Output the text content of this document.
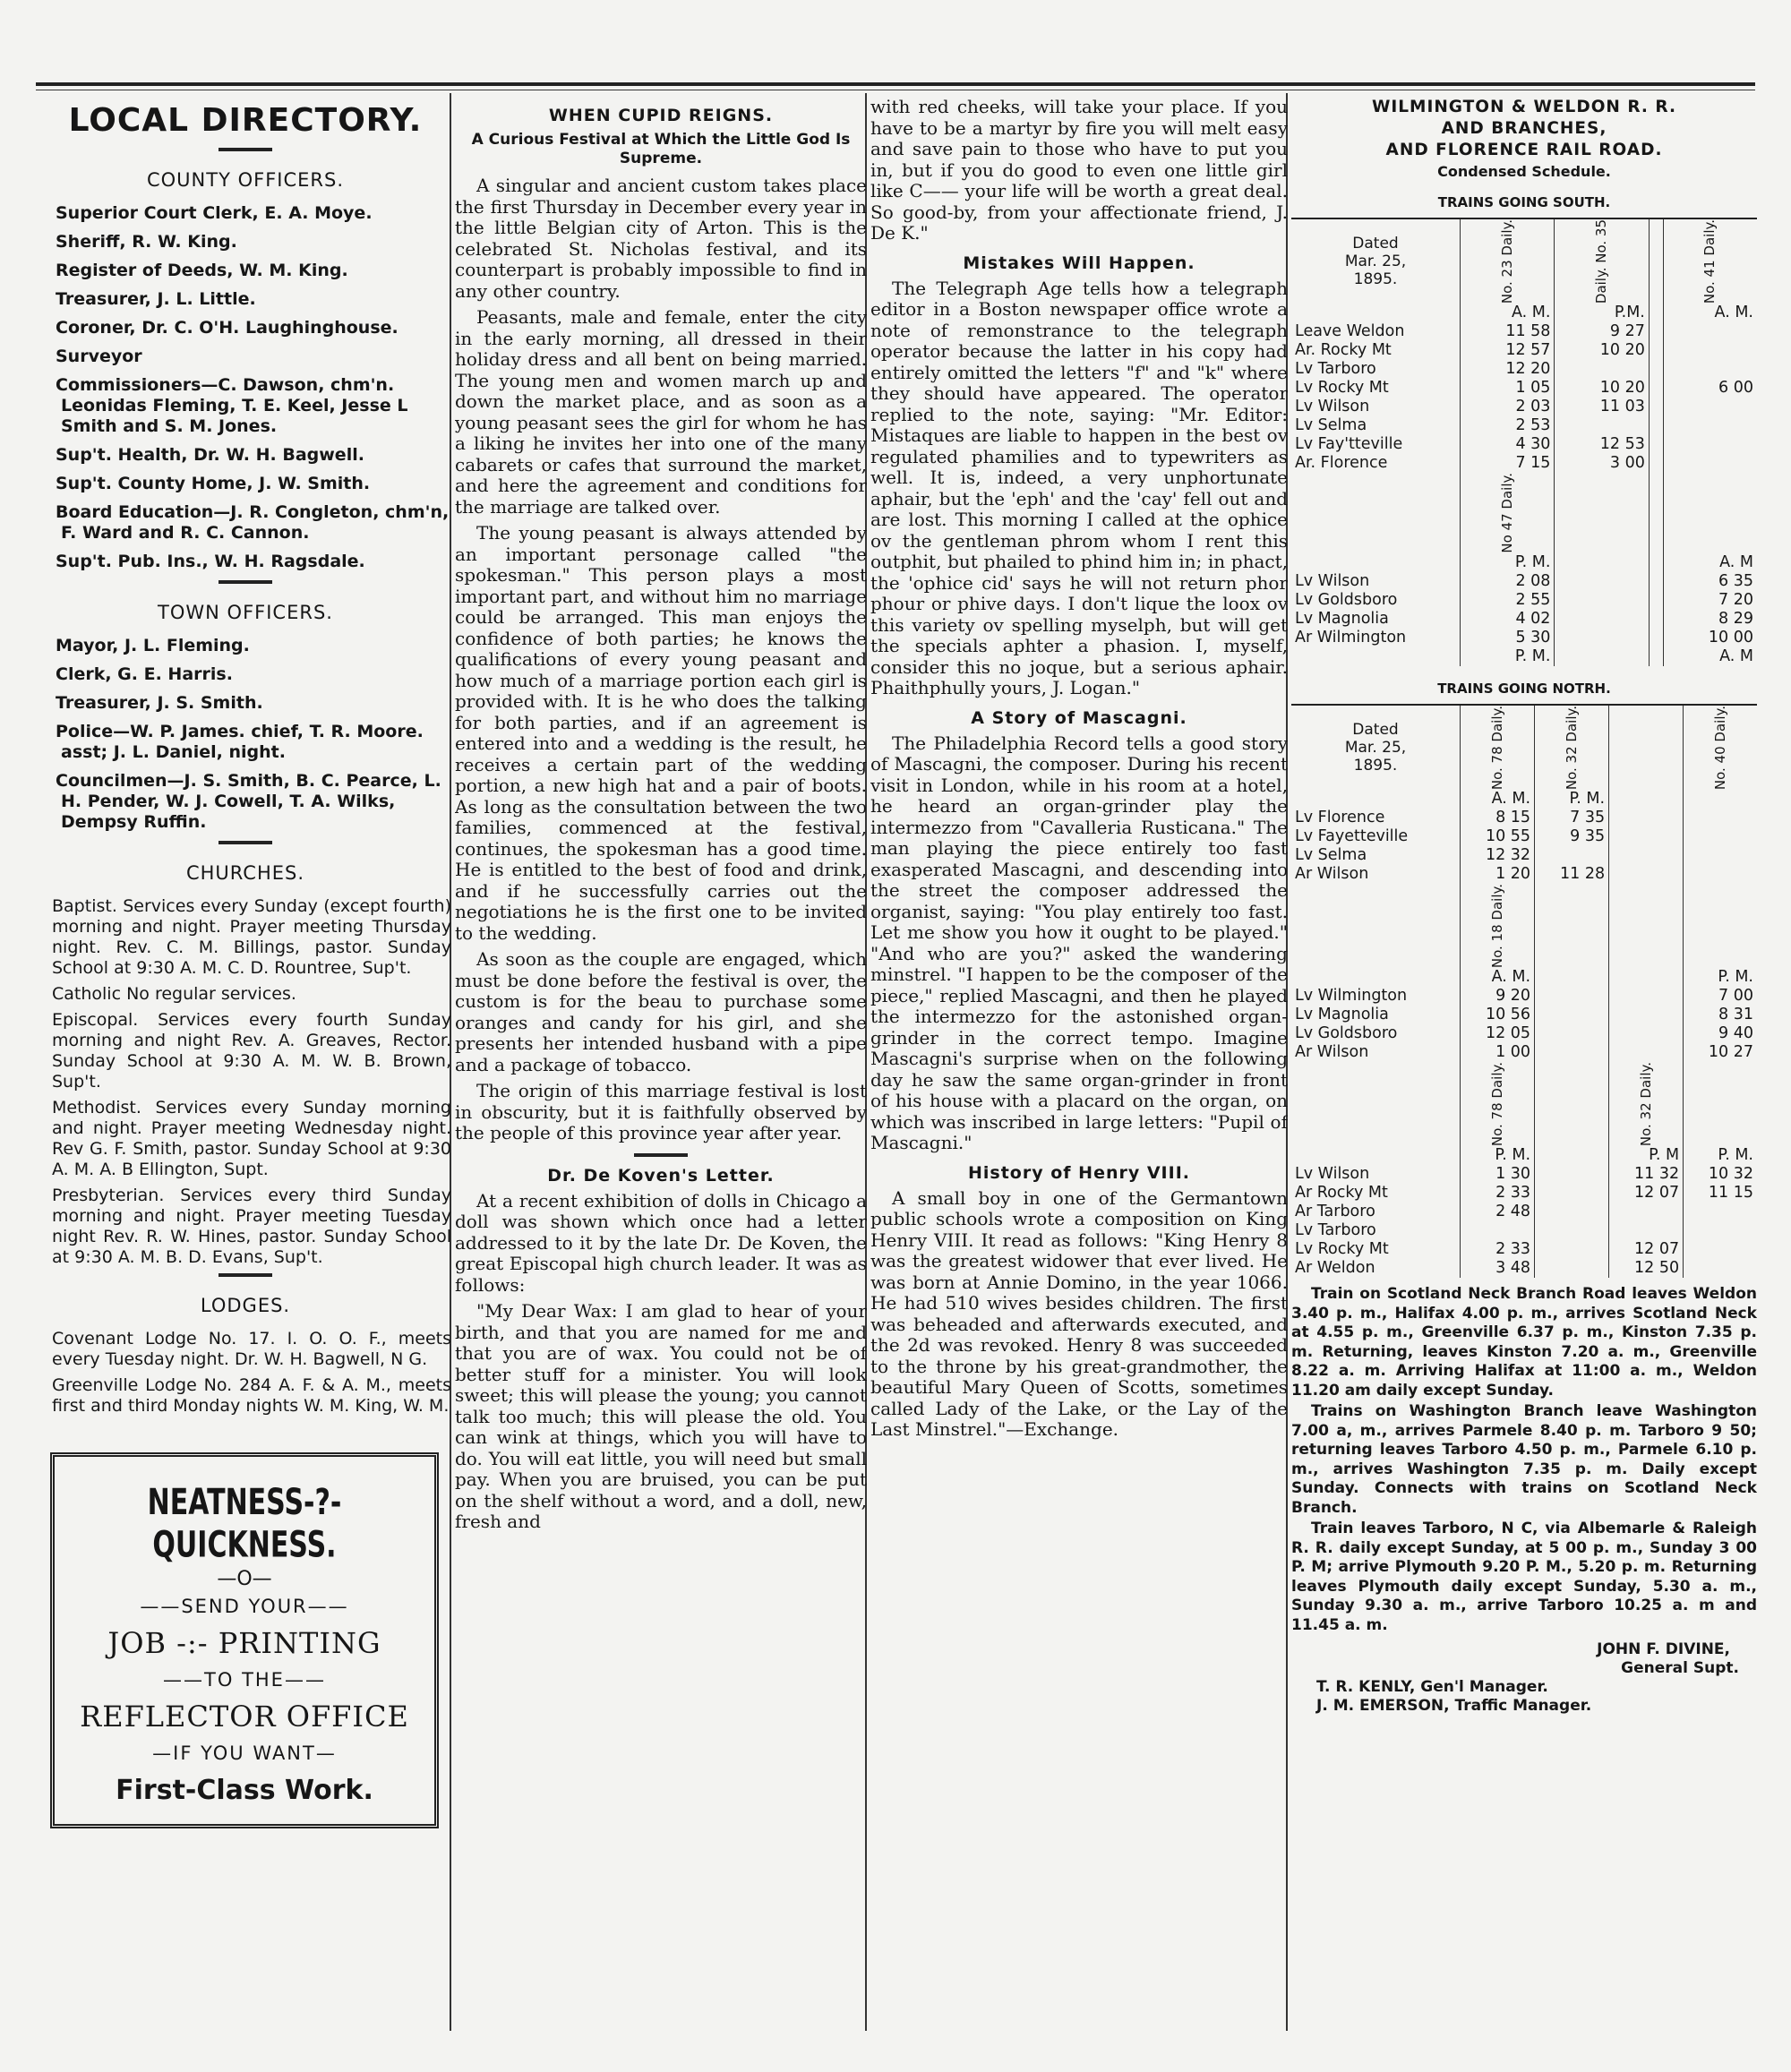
LOCAL DIRECTORY.
COUNTY OFFICERS.
Superior Court Clerk, E. A. Moye.
Sheriff, R. W. King.
Register of Deeds, W. M. King.
Treasurer, J. L. Little.
Coroner, Dr. C. O'H. Laughinghouse.
Surveyor
Commissioners—C. Dawson, chm'n. Leonidas Fleming, T. E. Keel, Jesse L Smith and S. M. Jones.
Sup't. Health, Dr. W. H. Bagwell.
Sup't. County Home, J. W. Smith.
Board Education—J. R. Congleton, chm'n, F. Ward and R. C. Cannon.
Sup't. Pub. Ins., W. H. Ragsdale.
TOWN OFFICERS.
Mayor, J. L. Fleming.
Clerk, G. E. Harris.
Treasurer, J. S. Smith.
Police—W. P. James. chief, T. R. Moore. asst; J. L. Daniel, night.
Councilmen—J. S. Smith, B. C. Pearce, L. H. Pender, W. J. Cowell, T. A. Wilks, Dempsy Ruffin.
CHURCHES.
Baptist. Services every Sunday (except fourth) morning and night. Prayer meeting Thursday night. Rev. C. M. Billings, pastor. Sunday School at 9:30 A. M. C. D. Rountree, Sup't.
Catholic No regular services.
Episcopal. Services every fourth Sunday morning and night Rev. A. Greaves, Rector. Sunday School at 9:30 A. M. W. B. Brown, Sup't.
Methodist. Services every Sunday morning and night. Prayer meeting Wednesday night. Rev G. F. Smith, pastor. Sunday School at 9:30 A. M. A. B Ellington, Supt.
Presbyterian. Services every third Sunday morning and night. Prayer meeting Tuesday night Rev. R. W. Hines, pastor. Sunday School at 9:30 A. M. B. D. Evans, Sup't.
LODGES.
Covenant Lodge No. 17. I. O. O. F., meets every Tuesday night. Dr. W. H. Bagwell, N G.
Greenville Lodge No. 284 A. F. & A. M., meets first and third Monday nights W. M. King, W. M.
NEATNESS-?-QUICKNESS.
—O—
——SEND YOUR——
JOB -:- PRINTING
——TO THE——
REFLECTOR OFFICE
—IF YOU WANT—
First-Class Work.
WHEN CUPID REIGNS.
A Curious Festival at Which the Little God Is Supreme.
A singular and ancient custom takes place the first Thursday in December every year in the little Belgian city of Arton. This is the celebrated St. Nicholas festival, and its counterpart is probably impossible to find in any other country.
Peasants, male and female, enter the city in the early morning, all dressed in their holiday dress and all bent on being married. The young men and women march up and down the market place, and as soon as a young peasant sees the girl for whom he has a liking he invites her into one of the many cabarets or cafes that surround the market, and here the agreement and conditions for the marriage are talked over.
The young peasant is always attended by an important personage called "the spokesman." This person plays a most important part, and without him no marriage could be arranged. This man enjoys the confidence of both parties; he knows the qualifications of every young peasant and how much of a marriage portion each girl is provided with. It is he who does the talking for both parties, and if an agreement is entered into and a wedding is the result, he receives a certain part of the wedding portion, a new high hat and a pair of boots. As long as the consultation between the two families, commenced at the festival, continues, the spokesman has a good time. He is entitled to the best of food and drink, and if he successfully carries out the negotiations he is the first one to be invited to the wedding.
As soon as the couple are engaged, which must be done before the festival is over, the custom is for the beau to purchase some oranges and candy for his girl, and she presents her intended husband with a pipe and a package of tobacco.
The origin of this marriage festival is lost in obscurity, but it is faithfully observed by the people of this province year after year.
Dr. De Koven's Letter.
At a recent exhibition of dolls in Chicago a doll was shown which once had a letter addressed to it by the late Dr. De Koven, the great Episcopal high church leader. It was as follows:
"My Dear Wax: I am glad to hear of your birth, and that you are named for me and that you are of wax. You could not be of better stuff for a minister. You will look sweet; this will please the young; you cannot talk too much; this will please the old. You can wink at things, which you will have to do. You will eat little, you will need but small pay. When you are bruised, you can be put on the shelf without a word, and a doll, new, fresh and
with red cheeks, will take your place. If you have to be a martyr by fire you will melt easy and save pain to those who have to put you in, but if you do good to even one little girl like C—— your life will be worth a great deal. So good-by, from your affectionate friend, J. De K."
Mistakes Will Happen.
The Telegraph Age tells how a telegraph editor in a Boston newspaper office wrote a note of remonstrance to the telegraph operator because the latter in his copy had entirely omitted the letters "f" and "k" where they should have appeared. The operator replied to the note, saying: "Mr. Editor: Mistaques are liable to happen in the best ov regulated phamilies and to typewriters as well. It is, indeed, a very unphortunate aphair, but the 'eph' and the 'cay' fell out and are lost. This morning I called at the ophice ov the gentleman phrom whom I rent this outphit, but phailed to phind him in; in phact, the 'ophice cid' says he will not return phor phour or phive days. I don't lique the loox ov this variety ov spelling myselph, but will get the specials aphter a phasion. I, myself, consider this no joque, but a serious aphair. Phaithphully yours, J. Logan."
A Story of Mascagni.
The Philadelphia Record tells a good story of Mascagni, the composer. During his recent visit in London, while in his room at a hotel, he heard an organ-grinder play the intermezzo from "Cavalleria Rusticana." The man playing the piece entirely too fast exasperated Mascagni, and descending into the street the composer addressed the organist, saying: "You play entirely too fast. Let me show you how it ought to be played." "And who are you?" asked the wandering minstrel. "I happen to be the composer of the piece," replied Mascagni, and then he played the intermezzo for the astonished organ-grinder in the correct tempo. Imagine Mascagni's surprise when on the following day he saw the same organ-grinder in front of his house with a placard on the organ, on which was inscribed in large letters: "Pupil of Mascagni."
History of Henry VIII.
A small boy in one of the Germantown public schools wrote a composition on King Henry VIII. It read as follows: "King Henry 8 was the greatest widower that ever lived. He was born at Annie Domino, in the year 1066. He had 510 wives besides children. The first was beheaded and afterwards executed, and the 2d was revoked. Henry 8 was succeeded to the throne by his great-grandmother, the beautiful Mary Queen of Scotts, sometimes called Lady of the Lake, or the Lay of the Last Minstrel."—Exchange.
WILMINGTON & WELDON R. R.
AND BRANCHES,
AND FLORENCE RAIL ROAD.
Condensed Schedule.
TRAINS GOING SOUTH.
Dated
Mar. 25,
1895.	No. 23 Daily.	Daily. No. 35		No. 41 Daily.

	A. M.	P.M.		A. M.
Leave Weldon	11 58	9 27		
Ar. Rocky Mt	12 57	10 20		

Lv Tarboro	12 20			

Lv Rocky Mt	1 05	10 20		6 00
Lv Wilson	2 03	11 03		
Lv Selma	2 53			
Lv Fay'tteville	4 30	12 53		
Ar. Florence	7 15	3 00		

	No 47 Daily.			

	P. M.			A. M
Lv Wilson	2 08			6 35
Lv Goldsboro	2 55			7 20
Lv Magnolia	4 02			8 29
Ar Wilmington	5 30			10 00
	P. M.			A. M
TRAINS GOING NOTRH.
Dated
Mar. 25,
1895.	No. 78 Daily.	No. 32 Daily.		No. 40 Daily.

	A. M.	P. M.		
Lv Florence	8 15	7 35		
Lv Fayetteville	10 55	9 35		
Lv Selma	12 32			
Ar Wilson	1 20	11 28		

	No. 18 Daily.			

	A. M.			P. M.
Lv Wilmington	9 20			7 00
Lv Magnolia	10 56			8 31
Lv Goldsboro	12 05			9 40
Ar Wilson	1 00			10 27

	No. 78 Daily.		No. 32 Daily.	

	P. M.		P. M	P. M.
Lv Wilson	1 30		11 32	10 32
Ar Rocky Mt	2 33		12 07	11 15

Ar Tarboro	2 48			
Lv Tarboro				
Lv Rocky Mt	2 33		12 07	
Ar Weldon	3 48		12 50	
Train on Scotland Neck Branch Road leaves Weldon 3.40 p. m., Halifax 4.00 p. m., arrives Scotland Neck at 4.55 p. m., Greenville 6.37 p. m., Kinston 7.35 p. m. Returning, leaves Kinston 7.20 a. m., Greenville 8.22 a. m. Arriving Halifax at 11:00 a. m., Weldon 11.20 am daily except Sunday.
Trains on Washington Branch leave Washington 7.00 a, m., arrives Parmele 8.40 p. m. Tarboro 9 50; returning leaves Tarboro 4.50 p. m., Parmele 6.10 p. m., arrives Washington 7.35 p. m. Daily except Sunday. Connects with trains on Scotland Neck Branch.
Train leaves Tarboro, N C, via Albemarle & Raleigh R. R. daily except Sunday, at 5 00 p. m., Sunday 3 00 P. M; arrive Plymouth 9.20 P. M., 5.20 p. m. Returning leaves Plymouth daily except Sunday, 5.30 a. m., Sunday 9.30 a. m., arrive Tarboro 10.25 a. m and 11.45 a. m.
JOHN F. DIVINE,
General Supt.
T. R. KENLY, Gen'l Manager.
J. M. EMERSON, Traffic Manager.
